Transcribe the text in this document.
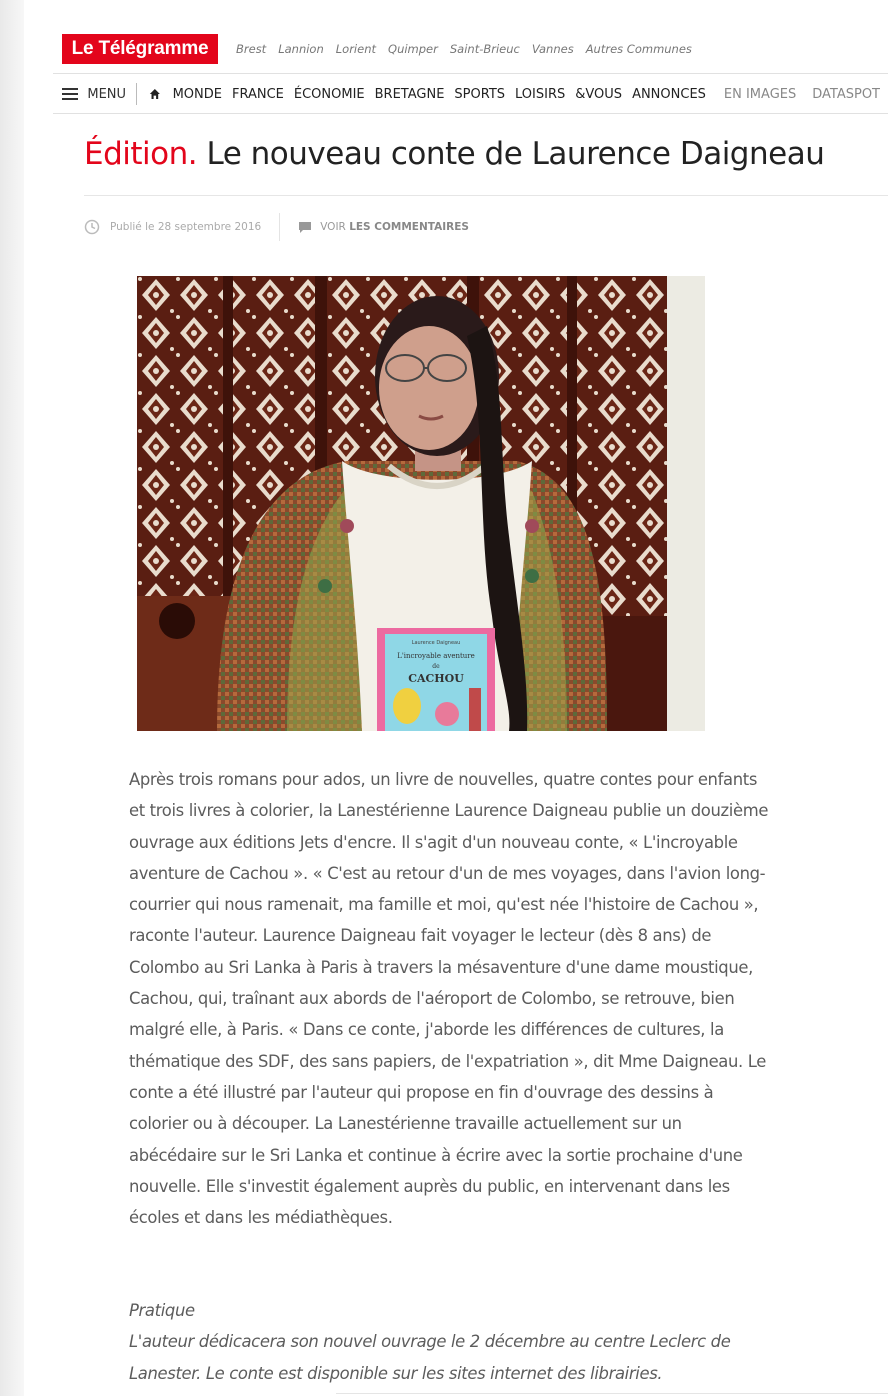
Le Télégramme	Brest Lannion Lorient Quimper Saint-Brieuc Vannes Autres Communes
MENU	MONDE FRANCE ÉCONOMIE BRETAGNE SPORTS LOISIRS &VOUS ANNONCES EN IMAGES DATASPOT
Édition. Le nouveau conte de Laurence Daigneau
Publié le 28 septembre 2016	VOIR LES COMMENTAIRES
L'incroyable aventure
de
CACHOU
Laurence Daigneau

Après trois romans pour ados, un livre de nouvelles, quatre contes pour enfants et trois livres à colorier, la Lanestérienne Laurence Daigneau publie un douzième ouvrage aux éditions Jets d'encre. Il s'agit d'un nouveau conte, « L'incroyable aventure de Cachou ». « C'est au retour d'un de mes voyages, dans l'avion long-courrier qui nous ramenait, ma famille et moi, qu'est née l'histoire de Cachou », raconte l'auteur. Laurence Daigneau fait voyager le lecteur (dès 8 ans) de Colombo au Sri Lanka à Paris à travers la mésaventure d'une dame moustique, Cachou, qui, traînant aux abords de l'aéroport de Colombo, se retrouve, bien malgré elle, à Paris. « Dans ce conte, j'aborde les différences de cultures, la thématique des SDF, des sans papiers, de l'expatriation », dit Mme Daigneau. Le conte a été illustré par l'auteur qui propose en fin d'ouvrage des dessins à colorier ou à découper. La Lanestérienne travaille actuellement sur un abécédaire sur le Sri Lanka et continue à écrire avec la sortie prochaine d'une nouvelle. Elle s'investit également auprès du public, en intervenant dans les écoles et dans les médiathèques.

Pratique

L'auteur dédicacera son nouvel ouvrage le 2 décembre au centre Leclerc de Lanester. Le conte est disponible sur les sites internet des librairies.
